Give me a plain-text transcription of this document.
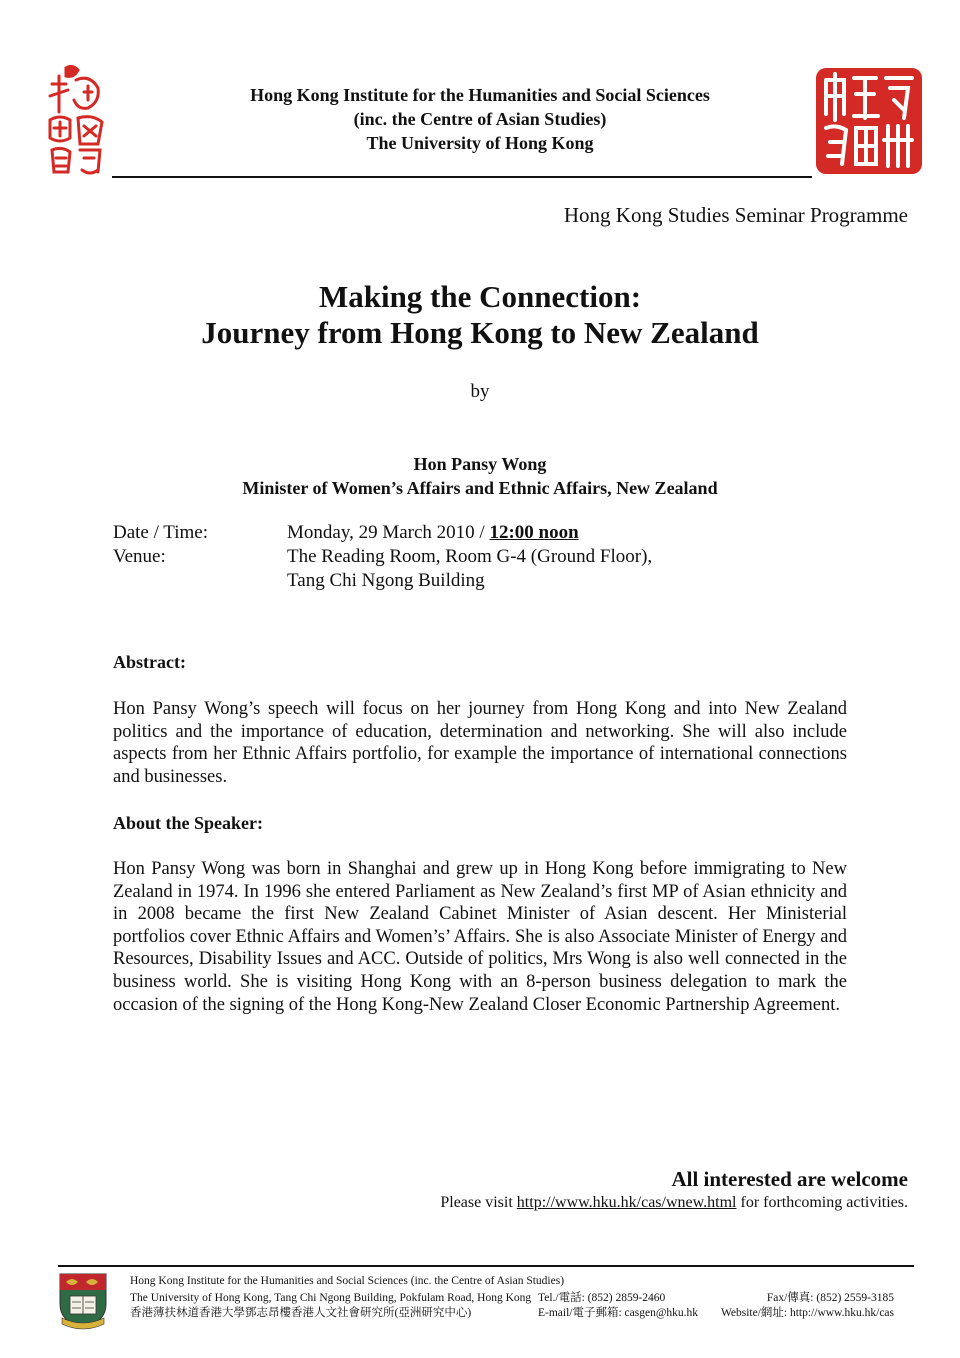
Hong Kong Institute for the Humanities and Social Sciences
(inc. the Centre of Asian Studies)
The University of Hong Kong
Hong Kong Studies Seminar Programme
Making the Connection:
Journey from Hong Kong to New Zealand
by
Hon Pansy Wong
Minister of Women’s Affairs and Ethnic Affairs, New Zealand
Date / Time:	Monday, 29 March 2010 / 12:00 noon
Venue:	The Reading Room, Room G-4 (Ground Floor),
Tang Chi Ngong Building
Abstract:
Hon Pansy Wong’s speech will focus on her journey from Hong Kong and into New Zealand politics and the importance of education, determination and networking. She will also include aspects from her Ethnic Affairs portfolio, for example the importance of international connections and businesses.
About the Speaker:
Hon Pansy Wong was born in Shanghai and grew up in Hong Kong before immigrating to New Zealand in 1974. In 1996 she entered Parliament as New Zealand’s first MP of Asian ethnicity and in 2008 became the first New Zealand Cabinet Minister of Asian descent. Her Ministerial portfolios cover Ethnic Affairs and Women’s’ Affairs. She is also Associate Minister of Energy and Resources, Disability Issues and ACC. Outside of politics, Mrs Wong is also well connected in the business world. She is visiting Hong Kong with an 8-person business delegation to mark the occasion of the signing of the Hong Kong-New Zealand Closer Economic Partnership Agreement.
All interested are welcome
Please visit http://www.hku.hk/cas/wnew.html for forthcoming activities.
Hong Kong Institute for the Humanities and Social Sciences (inc. the Centre of Asian Studies)
The University of Hong Kong, Tang Chi Ngong Building, Pokfulam Road, Hong Kong
香港薄扶林道香港大學鄧志昂樓香港人文社會研究所(亞洲研究中心)
Tel./電話: (852) 2859-2460
E-mail/電子郵箱: casgen@hku.hk
Fax/傳真: (852) 2559-3185
Website/網址: http://www.hku.hk/cas
